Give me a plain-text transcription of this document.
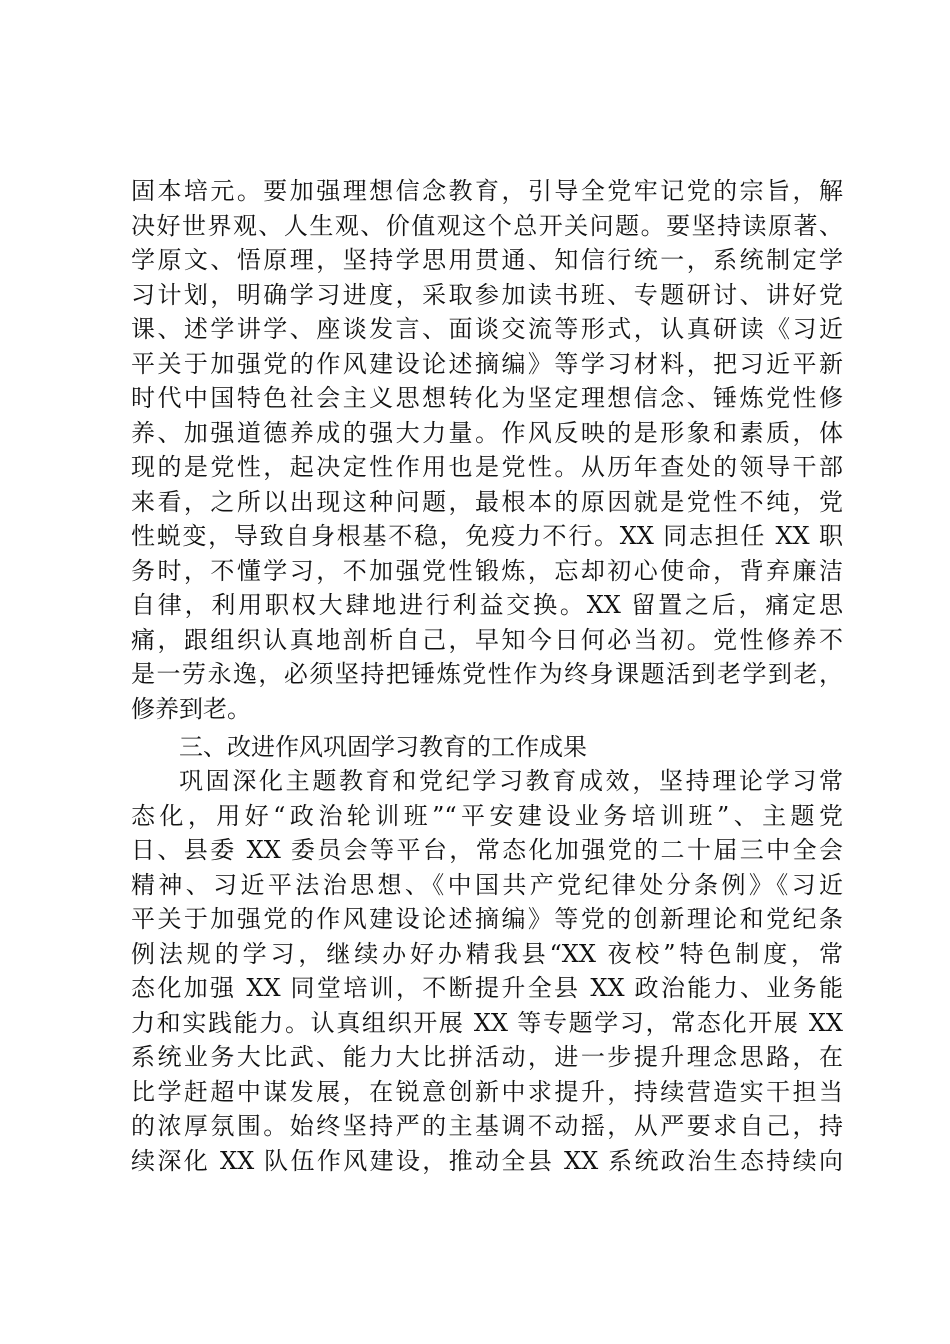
固本培元。要加强理想信念教育，引导全党牢记党的宗旨，解
决好世界观、人生观、价值观这个总开关问题。要坚持读原著、
学原文、悟原理，坚持学思用贯通、知信行统一，系统制定学
习计划，明确学习进度，采取参加读书班、专题研讨、讲好党
课、述学讲学、座谈发言、面谈交流等形式，认真研读《习近
平关于加强党的作风建设论述摘编》等学习材料，把习近平新
时代中国特色社会主义思想转化为坚定理想信念、锤炼党性修
养、加强道德养成的强大力量。作风反映的是形象和素质，体
现的是党性，起决定性作用也是党性。从历年查处的领导干部
来看，之所以出现这种问题，最根本的原因就是党性不纯，党
性蜕变，导致自身根基不稳，免疫力不行。XX 同志担任 XX 职
务时，不懂学习，不加强党性锻炼，忘却初心使命，背弃廉洁
自律，利用职权大肆地进行利益交换。XX 留置之后，痛定思
痛，跟组织认真地剖析自己，早知今日何必当初。党性修养不
是一劳永逸，必须坚持把锤炼党性作为终身课题活到老学到老，
修养到老。
三、改进作风巩固学习教育的工作成果
巩固深化主题教育和党纪学习教育成效，坚持理论学习常
态化，用好“政治轮训班”“平安建设业务培训班”、主题党
日、县委 XX 委员会等平台，常态化加强党的二十届三中全会
精神、习近平法治思想、《中国共产党纪律处分条例》《习近
平关于加强党的作风建设论述摘编》等党的创新理论和党纪条
例法规的学习，继续办好办精我县“XX 夜校”特色制度，常
态化加强 XX 同堂培训，不断提升全县 XX 政治能力、业务能
力和实践能力。认真组织开展 XX 等专题学习，常态化开展 XX
系统业务大比武、能力大比拼活动，进一步提升理念思路，在
比学赶超中谋发展，在锐意创新中求提升，持续营造实干担当
的浓厚氛围。始终坚持严的主基调不动摇，从严要求自己，持
续深化 XX 队伍作风建设，推动全县 XX 系统政治生态持续向
